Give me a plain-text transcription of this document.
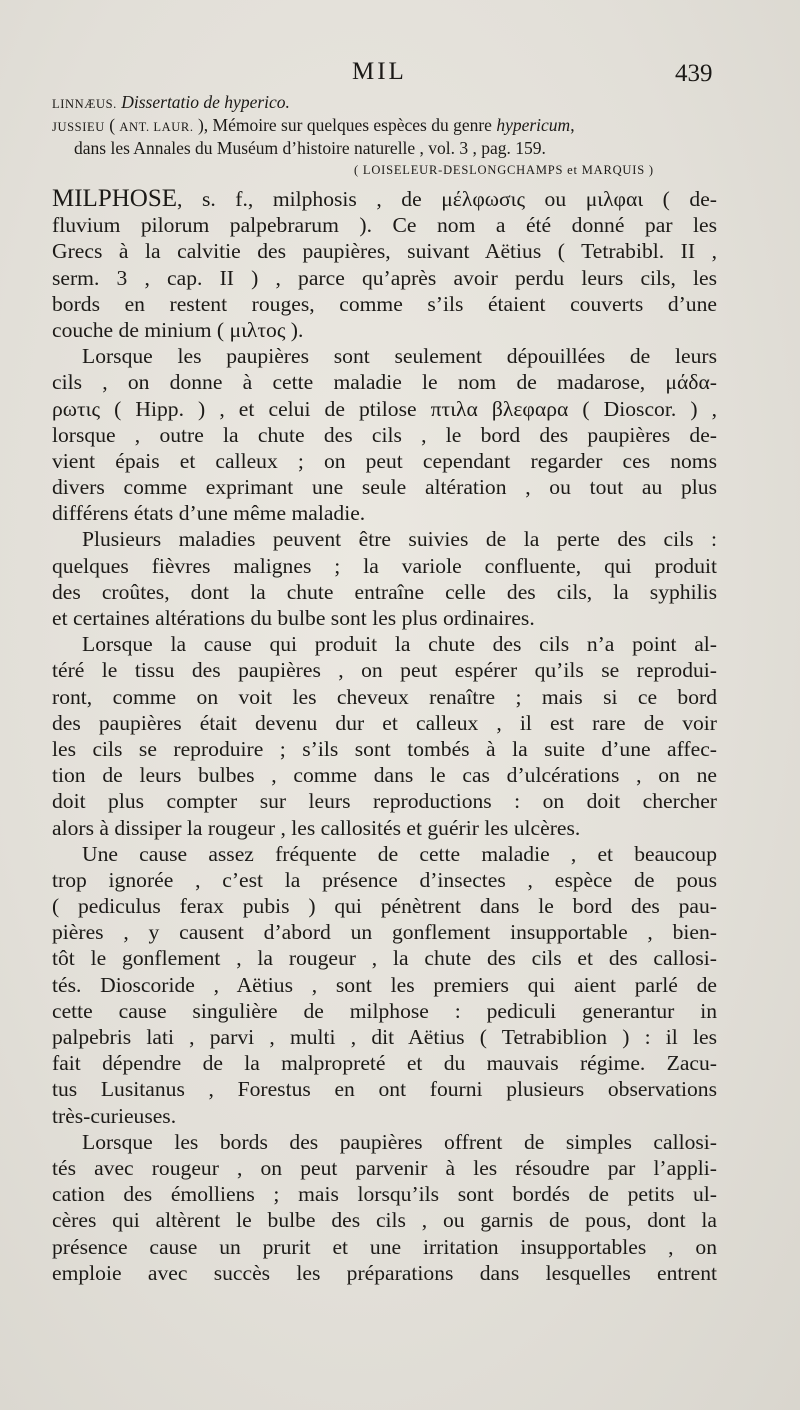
MIL	439
LINNÆUS. Dissertatio de hyperico.
JUSSIEU ( ANT. LAUR. ), Mémoire sur quelques espèces du genre hypericum,
dans les Annales du Muséum d’histoire naturelle , vol. 3 , pag. 159.
( LOISELEUR-DESLONGCHAMPS et MARQUIS )
MILPHOSE, s. f., milphosis , de μέλφωσις ou μιλφαι ( de-
fluvium pilorum palpebrarum ). Ce nom a été donné par les
Grecs à la calvitie des paupières, suivant Aëtius ( Tetrabibl. II ,
serm. 3 , cap. II ) , parce qu’après avoir perdu leurs cils, les
bords en restent rouges, comme s’ils étaient couverts d’une
couche de minium ( μιλτος ).
Lorsque les paupières sont seulement dépouillées de leurs
cils , on donne à cette maladie le nom de madarose, μάδα-
ρωτις ( Hipp. ) , et celui de ptilose πτιλα βλεφαρα ( Dioscor. ) ,
lorsque , outre la chute des cils , le bord des paupières de-
vient épais et calleux ; on peut cependant regarder ces noms
divers comme exprimant une seule altération , ou tout au plus
différens états d’une même maladie.
Plusieurs maladies peuvent être suivies de la perte des cils :
quelques fièvres malignes ; la variole confluente, qui produit
des croûtes, dont la chute entraîne celle des cils, la syphilis
et certaines altérations du bulbe sont les plus ordinaires.
Lorsque la cause qui produit la chute des cils n’a point al-
téré le tissu des paupières , on peut espérer qu’ils se reprodui-
ront, comme on voit les cheveux renaître ; mais si ce bord
des paupières était devenu dur et calleux , il est rare de voir
les cils se reproduire ; s’ils sont tombés à la suite d’une affec-
tion de leurs bulbes , comme dans le cas d’ulcérations , on ne
doit plus compter sur leurs reproductions : on doit chercher
alors à dissiper la rougeur , les callosités et guérir les ulcères.
Une cause assez fréquente de cette maladie , et beaucoup
trop ignorée , c’est la présence d’insectes , espèce de pous
( pediculus ferax pubis ) qui pénètrent dans le bord des pau-
pières , y causent d’abord un gonflement insupportable , bien-
tôt le gonflement , la rougeur , la chute des cils et des callosi-
tés. Dioscoride , Aëtius , sont les premiers qui aient parlé de
cette cause singulière de milphose : pediculi generantur in
palpebris lati , parvi , multi , dit Aëtius ( Tetrabiblion ) : il les
fait dépendre de la malpropreté et du mauvais régime. Zacu-
tus Lusitanus , Forestus en ont fourni plusieurs observations
très-curieuses.
Lorsque les bords des paupières offrent de simples callosi-
tés avec rougeur , on peut parvenir à les résoudre par l’appli-
cation des émolliens ; mais lorsqu’ils sont bordés de petits ul-
cères qui altèrent le bulbe des cils , ou garnis de pous, dont la
présence cause un prurit et une irritation insupportables , on
emploie avec succès les préparations dans lesquelles entrent
